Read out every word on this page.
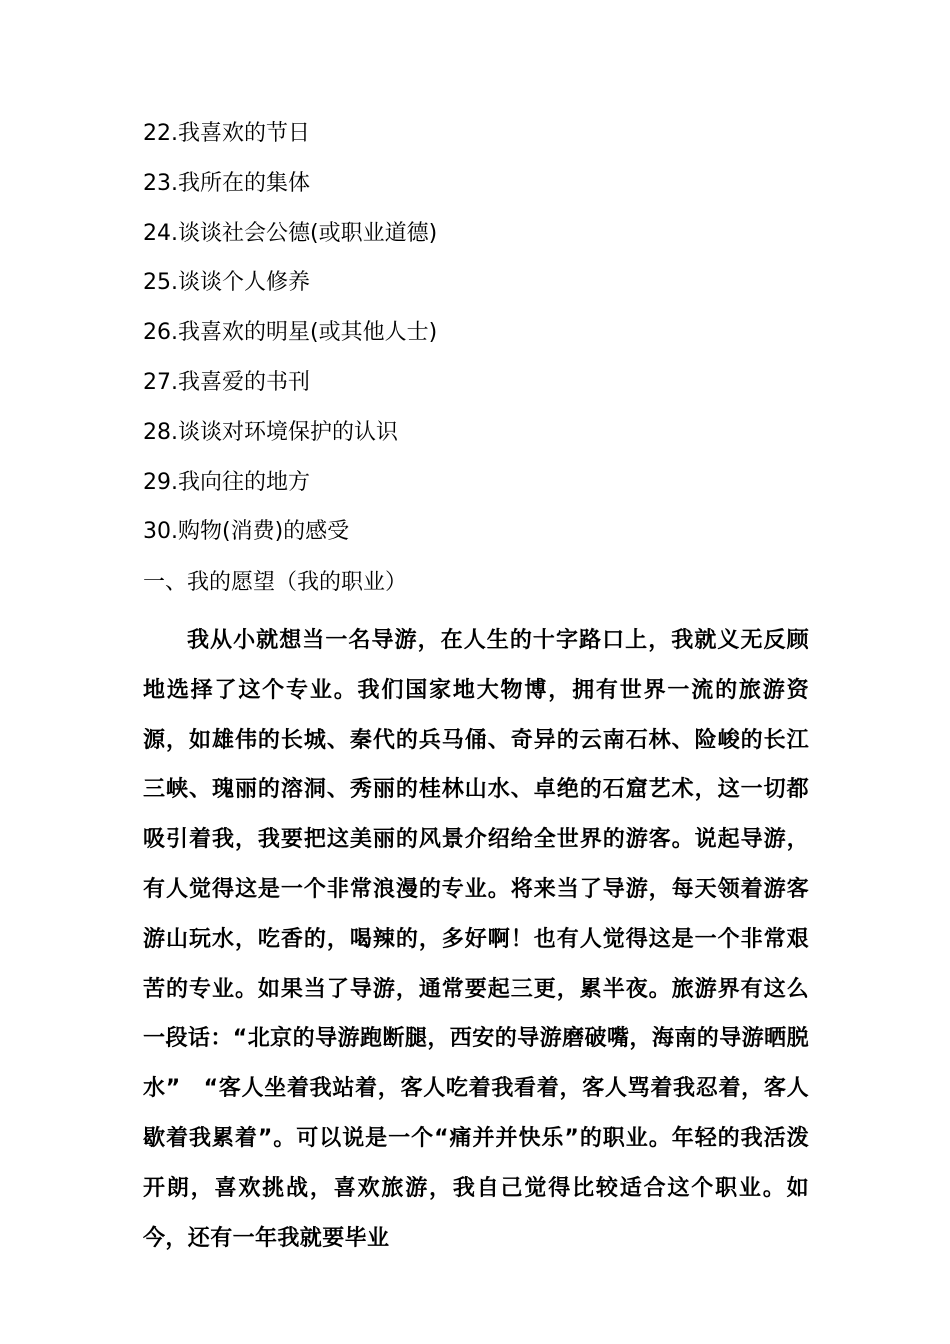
22.我喜欢的节日
23.我所在的集体
24.谈谈社会公德(或职业道德)
25.谈谈个人修养
26.我喜欢的明星(或其他人士)
27.我喜爱的书刊
28.谈谈对环境保护的认识
29.我向往的地方
30.购物(消费)的感受
一、我的愿望（我的职业）

我从小就想当一名导游，在人生的十字路口上，我就义无反顾地选择了这个专业。我们国家地大物博，拥有世界一流的旅游资源，如雄伟的长城、秦代的兵马俑、奇异的云南石林、险峻的长江三峡、瑰丽的溶洞、秀丽的桂林山水、卓绝的石窟艺术，这一切都吸引着我，我要把这美丽的风景介绍给全世界的游客。说起导游，有人觉得这是一个非常浪漫的专业。将来当了导游，每天领着游客游山玩水，吃香的，喝辣的，多好啊！也有人觉得这是一个非常艰苦的专业。如果当了导游，通常要起三更，累半夜。旅游界有这么一段话：“北京的导游跑断腿，西安的导游磨破嘴，海南的导游晒脱水”　“客人坐着我站着，客人吃着我看着，客人骂着我忍着，客人歇着我累着”。可以说是一个“痛并并快乐”的职业。年轻的我活泼开朗，喜欢挑战，喜欢旅游，我自己觉得比较适合这个职业。如今，还有一年我就要毕业
